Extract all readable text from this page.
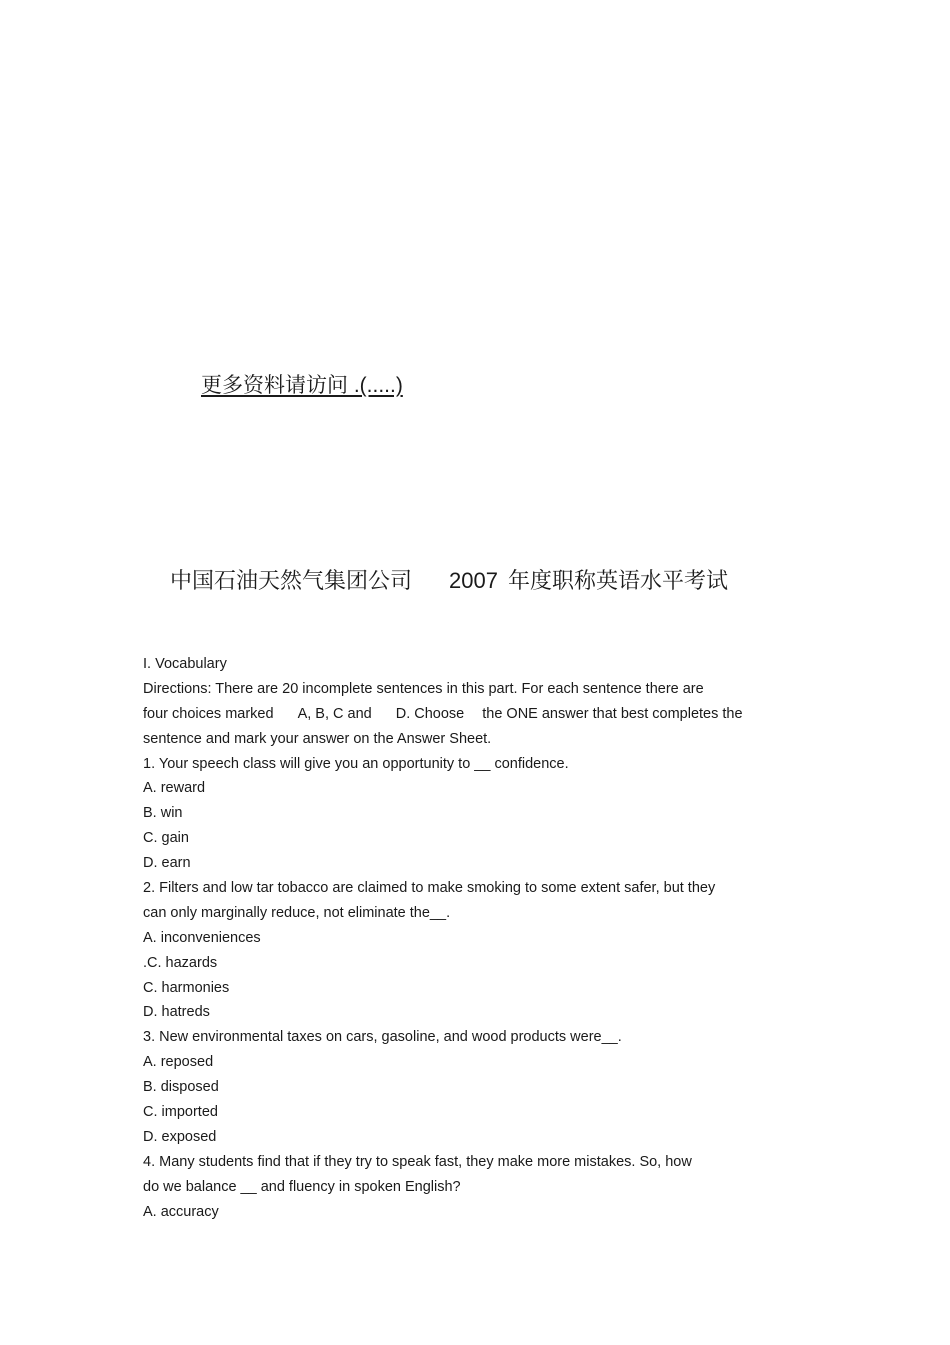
更多资料请访问 .(.....)
中国石油天然气集团公司 2007 年度职称英语水平考试
I. Vocabulary
Directions: There are 20 incomplete sentences in this part. For each sentence there are
four choices marked A, B, C and D. Choose the ONE answer that best completes the
sentence and mark your answer on the Answer Sheet.
1. Your speech class will give you an opportunity to __ confidence.
A. reward
B. win
C. gain
D. earn
2. Filters and low tar tobacco are claimed to make smoking to some extent safer, but they
can only marginally reduce, not eliminate the__.
A. inconveniences
.C. hazards
C. harmonies
D. hatreds
3. New environmental taxes on cars, gasoline, and wood products were__.
A. reposed
B. disposed
C. imported
D. exposed
4. Many students find that if they try to speak fast, they make more mistakes. So, how
do we balance __ and fluency in spoken English?
A. accuracy
